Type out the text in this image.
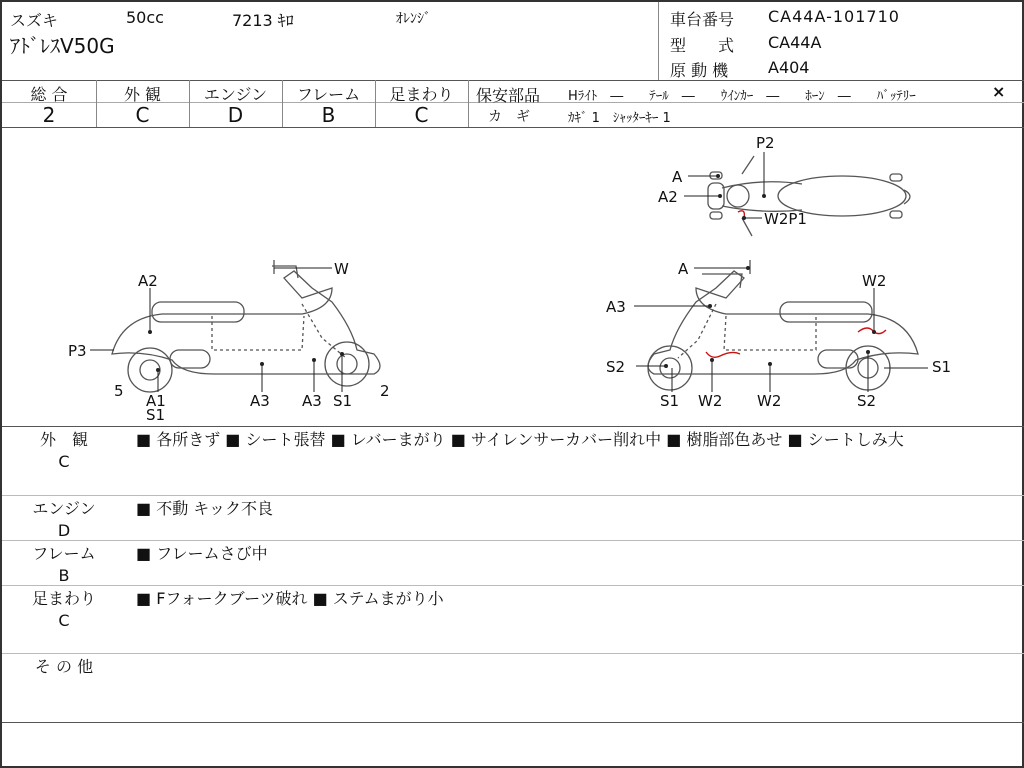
スズキ	50cc	7213 ｷﾛ	ｵﾚﾝｼﾞ
ｱﾄﾞﾚｽV50G
車台番号 CA44A-101710
型　　式 CA44A
原 動 機 A404
総 合
2
外 観
C
エンジン
D
フレーム
B
足まわり
C
保安部品 Hﾗｲﾄ　―　　ﾃｰﾙ　―　　ｳｲﾝｶｰ　―　　ﾎｰﾝ　―　　ﾊﾞｯﾃﾘｰ	×
カ　ギ	ｶｷﾞ 1　ｼｬｯﾀｰｷｰ 1
P2
A
A2
W2P1
W
A2
P3
5
A1
S1
A3 A3 S1
2
A
A3
W2
S2	S1
S1 W2 W2	S2
外　観
C
■ 各所きず ■ シート張替 ■ レバーまがり ■ サイレンサーカバー削れ中 ■ 樹脂部色あせ ■ シートしみ大
エンジン
D
■ 不動 キック不良
フレーム
B
■ フレームさび中
足まわり
C
■ Fフォークブーツ破れ ■ ステムまがり小
そ の 他
